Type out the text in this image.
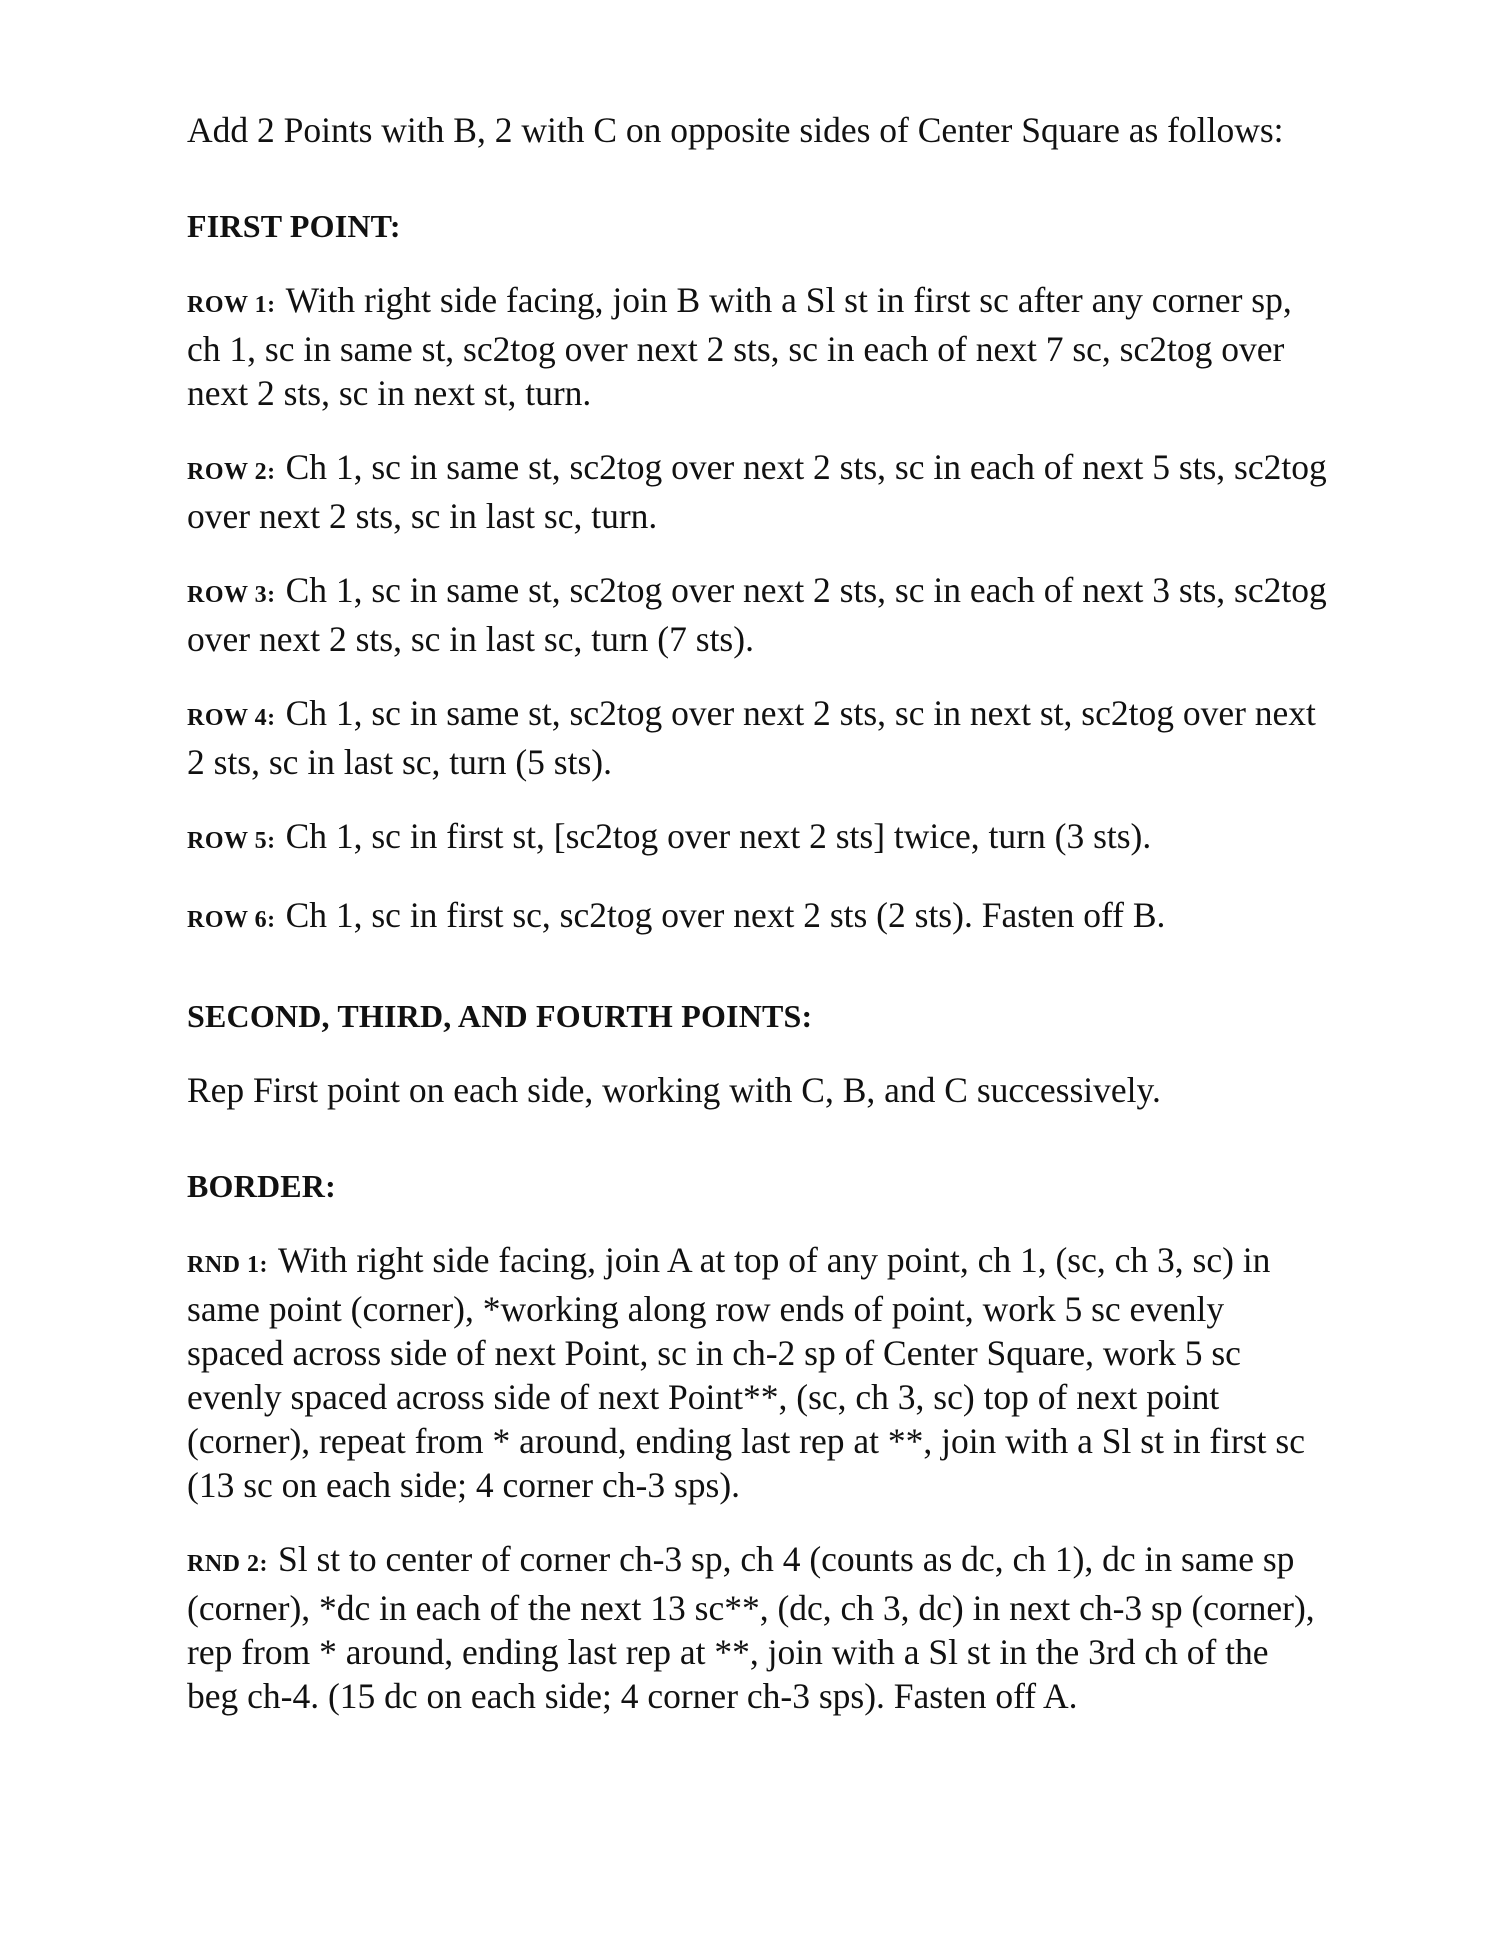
Add 2 Points with B, 2 with C on opposite sides of Center Square as follows:

FIRST POINT:

ROW 1: With right side facing, join B with a Sl st in first sc after any corner sp, ch 1, sc in same st, sc2tog over next 2 sts, sc in each of next 7 sc, sc2tog over next 2 sts, sc in next st, turn.

ROW 2: Ch 1, sc in same st, sc2tog over next 2 sts, sc in each of next 5 sts, sc2tog over next 2 sts, sc in last sc, turn.

ROW 3: Ch 1, sc in same st, sc2tog over next 2 sts, sc in each of next 3 sts, sc2tog over next 2 sts, sc in last sc, turn (7 sts).

ROW 4: Ch 1, sc in same st, sc2tog over next 2 sts, sc in next st, sc2tog over next 2 sts, sc in last sc, turn (5 sts).

ROW 5: Ch 1, sc in first st, [sc2tog over next 2 sts] twice, turn (3 sts).

ROW 6: Ch 1, sc in first sc, sc2tog over next 2 sts (2 sts). Fasten off B.

SECOND, THIRD, AND FOURTH POINTS:

Rep First point on each side, working with C, B, and C successively.

BORDER:

RND 1: With right side facing, join A at top of any point, ch 1, (sc, ch 3, sc) in same point (corner), *working along row ends of point, work 5 sc evenly spaced across side of next Point, sc in ch-2 sp of Center Square, work 5 sc evenly spaced across side of next Point**, (sc, ch 3, sc) top of next point (corner), repeat from * around, ending last rep at **, join with a Sl st in first sc (13 sc on each side; 4 corner ch-3 sps).

RND 2: Sl st to center of corner ch-3 sp, ch 4 (counts as dc, ch 1), dc in same sp (corner), *dc in each of the next 13 sc**, (dc, ch 3, dc) in next ch-3 sp (corner), rep from * around, ending last rep at **, join with a Sl st in the 3rd ch of the beg ch-4. (15 dc on each side; 4 corner ch-3 sps). Fasten off A.
